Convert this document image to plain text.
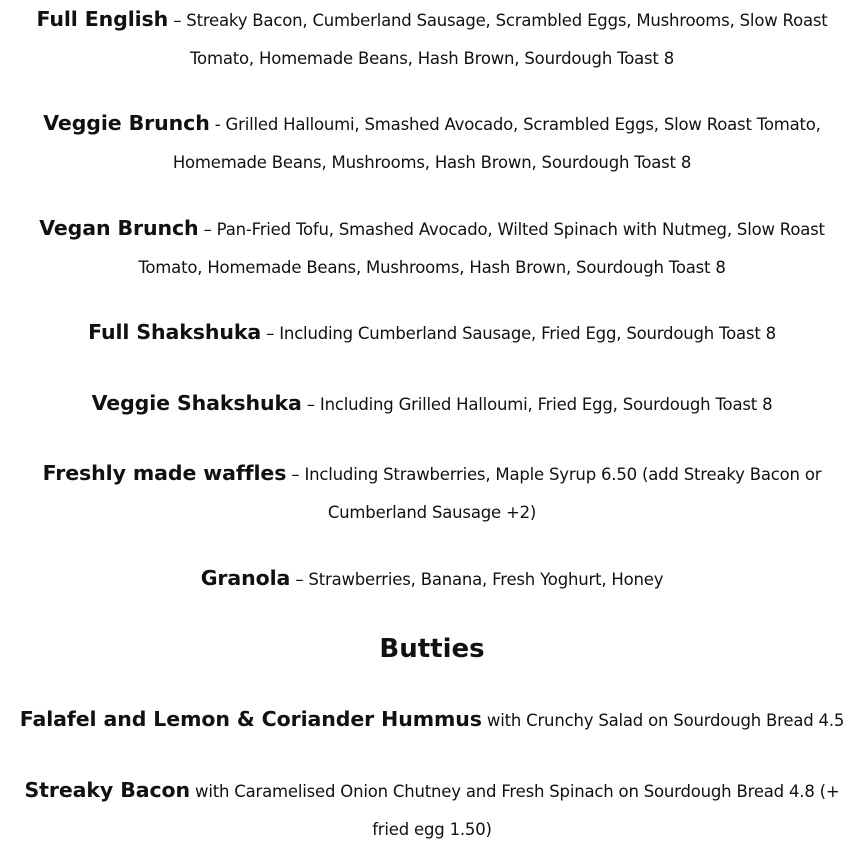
Full English – Streaky Bacon, Cumberland Sausage, Scrambled Eggs, Mushrooms, Slow Roast Tomato, Homemade Beans, Hash Brown, Sourdough Toast 8

Veggie Brunch - Grilled Halloumi, Smashed Avocado, Scrambled Eggs, Slow Roast Tomato, Homemade Beans, Mushrooms, Hash Brown, Sourdough Toast 8

Vegan Brunch – Pan-Fried Tofu, Smashed Avocado, Wilted Spinach with Nutmeg, Slow Roast Tomato, Homemade Beans, Mushrooms, Hash Brown, Sourdough Toast 8

Full Shakshuka – Including Cumberland Sausage, Fried Egg, Sourdough Toast 8

Veggie Shakshuka – Including Grilled Halloumi, Fried Egg, Sourdough Toast 8

Freshly made waffles – Including Strawberries, Maple Syrup 6.50 (add Streaky Bacon or Cumberland Sausage +2)

Granola – Strawberries, Banana, Fresh Yoghurt, Honey

Butties

Falafel and Lemon & Coriander Hummus with Crunchy Salad on Sourdough Bread 4.5

Streaky Bacon with Caramelised Onion Chutney and Fresh Spinach on Sourdough Bread 4.8 (+ fried egg 1.50)
